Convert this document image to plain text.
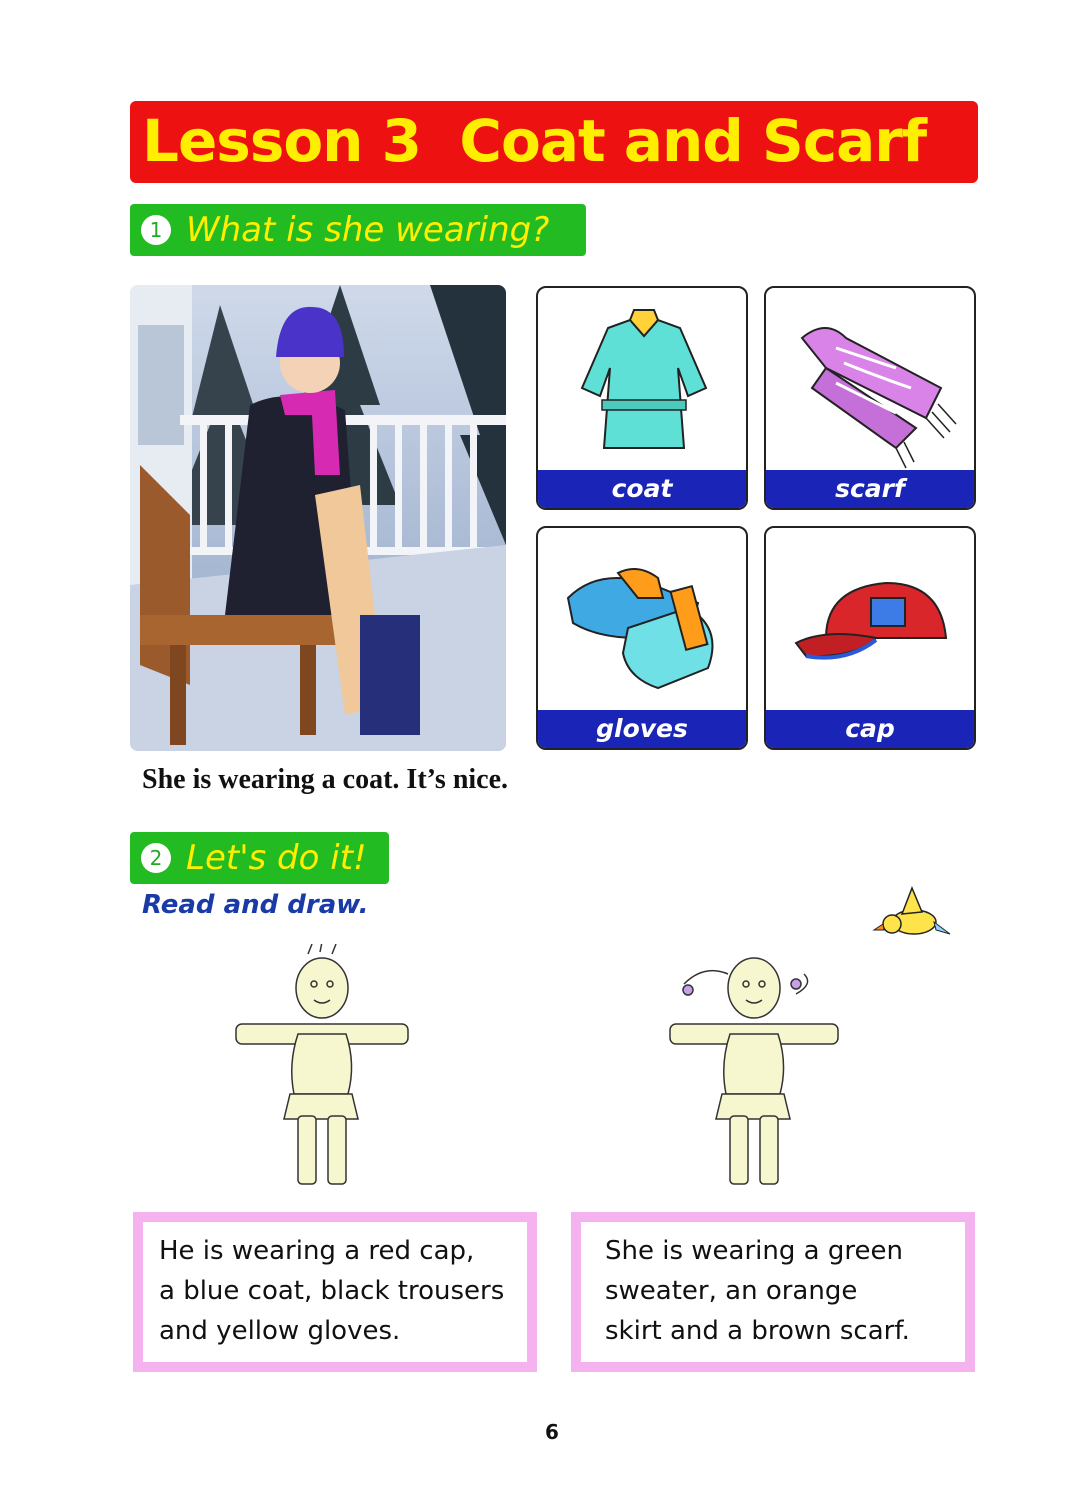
Lesson 3  Coat and Scarf
1 What is she wearing?
coat	scarf
gloves	cap
She is wearing a coat. It’s nice.
2 Let's do it!
Read and draw.
He is wearing a red cap,
a blue coat, black trousers
and yellow gloves.
She is wearing a green
sweater, an orange
skirt and a brown scarf.
6
